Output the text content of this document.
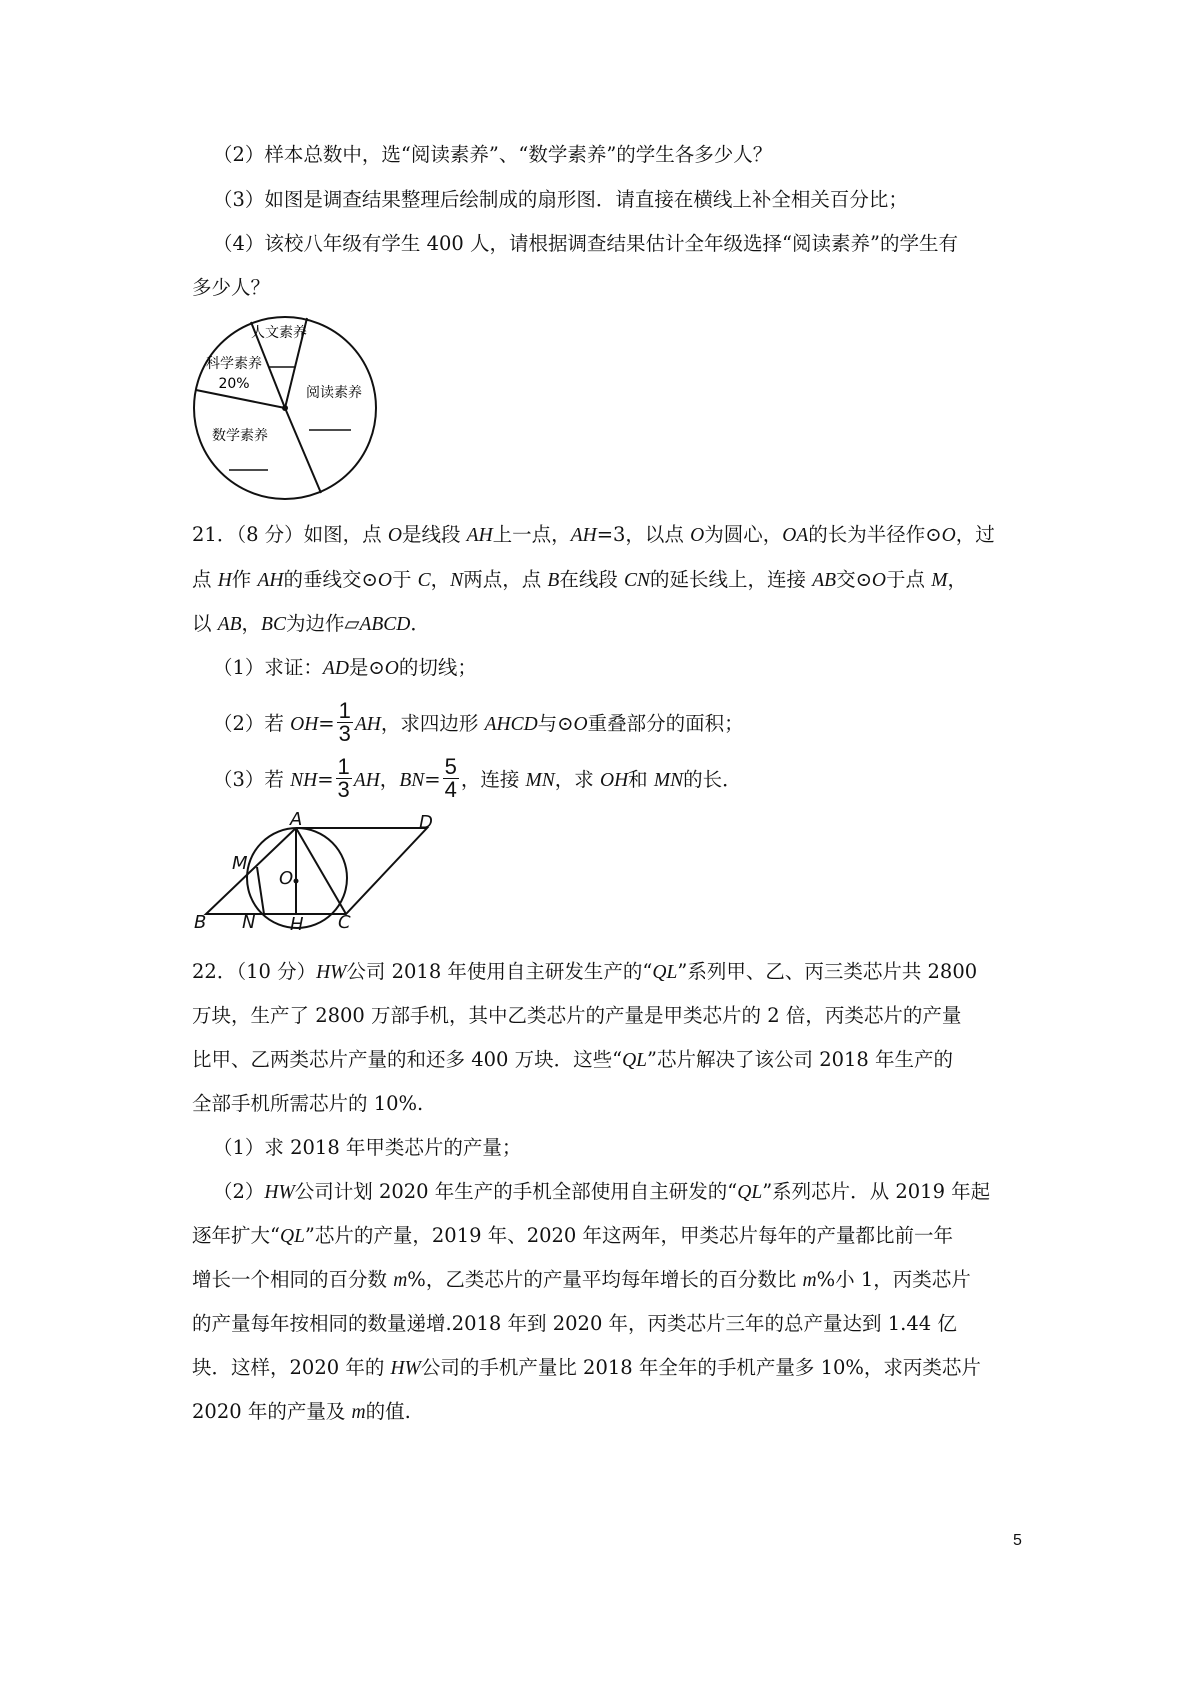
（2）样本总数中，选“阅读素养”、“数学素养”的学生各多少人？
（3）如图是调查结果整理后绘制成的扇形图．请直接在横线上补全相关百分比；
（4）该校八年级有学生 400 人，请根据调查结果估计全年级选择“阅读素养”的学生有
多少人？
人文素养
阅读素养
科学素养
20%
数学素养
21．（8 分）如图，点 O是线段 AH上一点，AH=3，以点 O为圆心，OA的长为半径作⊙O，过
点 H作 AH的垂线交⊙O于 C，N两点，点 B在线段 CN的延长线上，连接 AB交⊙O于点 M，
以 AB，BC为边作▱ABCD．
（1）求证：AD是⊙O的切线；
（2）若 $OH= \frac{1}{3}$ AH，求四边形 AHCD与⊙O重叠部分的面积；
（3）若 $NH= \frac{1}{3}$ AH，$BN= \frac{5}{4}$ ，连接 MN，求 OH和 MN的长．
A	D
M
O
B N H C
22．（10 分）HW公司 2018 年使用自主研发生产的“QL”系列甲、乙、丙三类芯片共 2800
万块，生产了 2800 万部手机，其中乙类芯片的产量是甲类芯片的 2 倍，丙类芯片的产量
比甲、乙两类芯片产量的和还多 400 万块．这些“QL”芯片解决了该公司 2018 年生产的
全部手机所需芯片的 10%.
（1）求 2018 年甲类芯片的产量；
（2）HW公司计划 2020 年生产的手机全部使用自主研发的“QL”系列芯片．从 2019 年起
逐年扩大“QL”芯片的产量，2019 年、2020 年这两年，甲类芯片每年的产量都比前一年
增长一个相同的百分数 m%，乙类芯片的产量平均每年增长的百分数比 m%小 1，丙类芯片
的产量每年按相同的数量递增.2018 年到 2020 年，丙类芯片三年的总产量达到 1.44 亿
块．这样，2020 年的 HW公司的手机产量比 2018 年全年的手机产量多 10%，求丙类芯片
2020 年的产量及 m的值.
5
